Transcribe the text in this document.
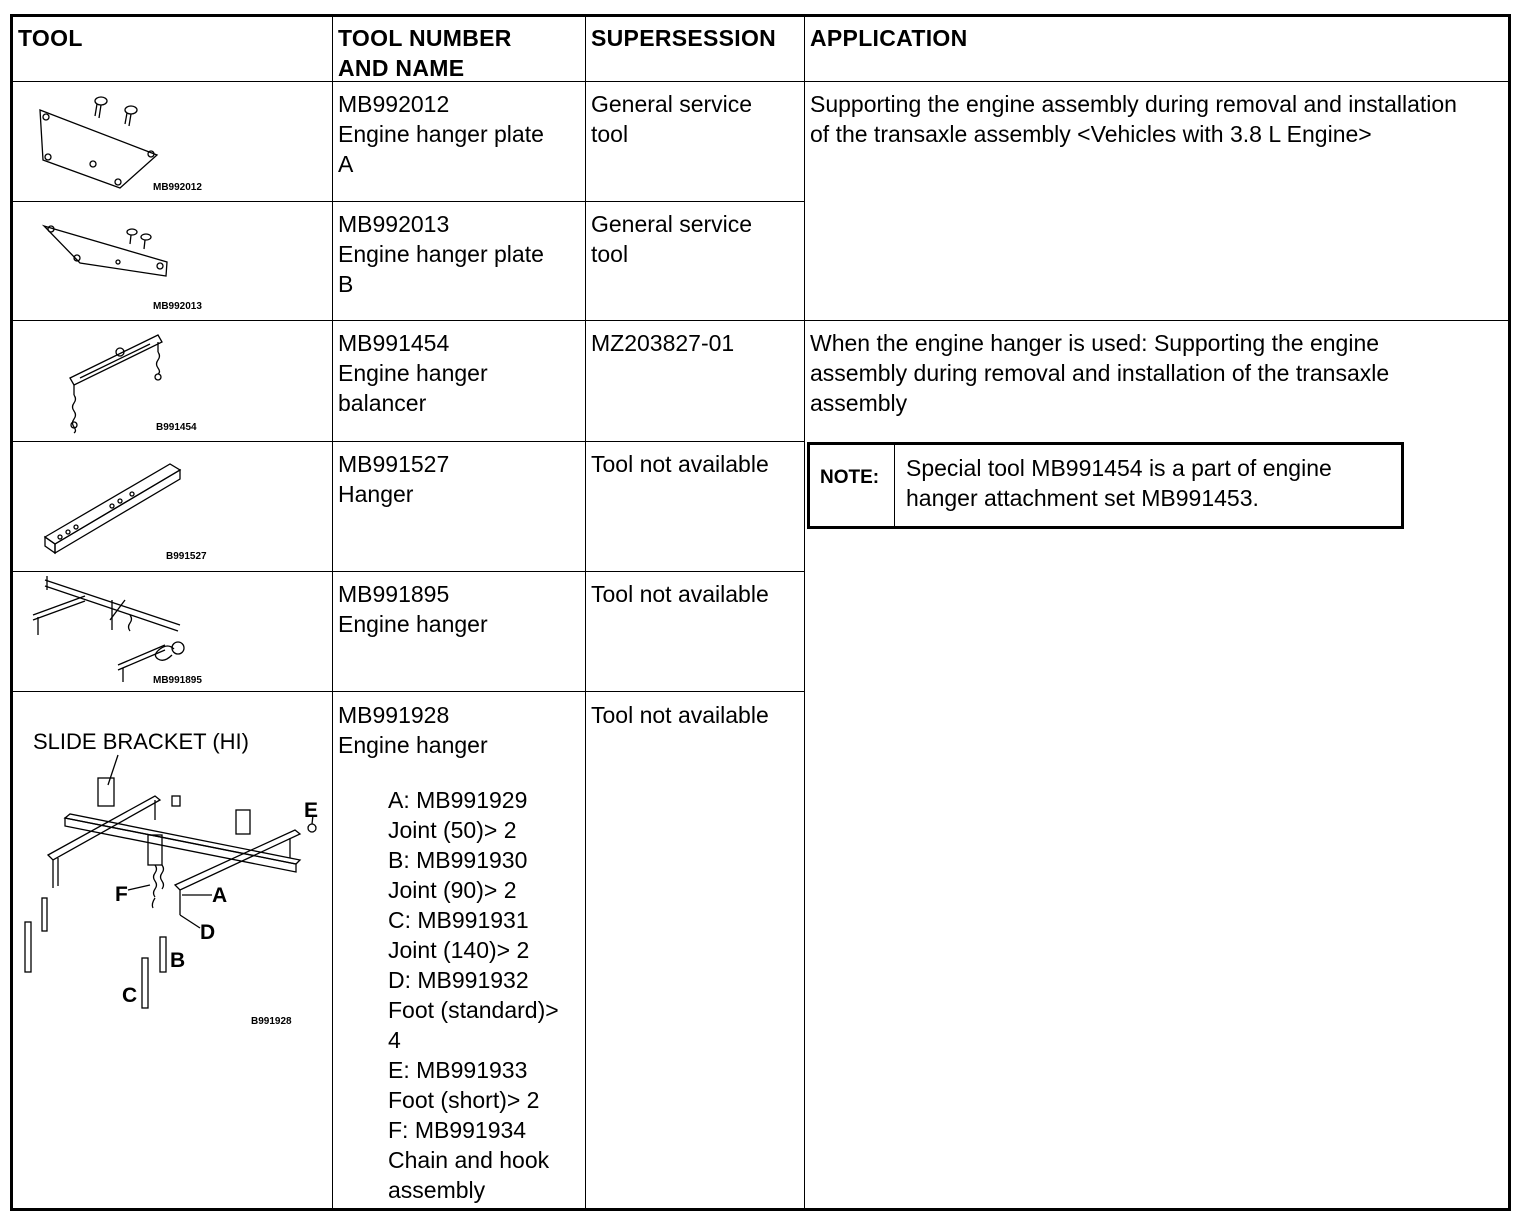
TOOL	TOOL NUMBER
AND NAME
SUPERSESSION APPLICATION
MB992012
Engine hanger plate
A
General service
tool
MB992013
Engine hanger plate
B
General service
tool
MB991454
Engine hanger
balancer
MZ203827-01
MB991527
Hanger
Tool not available
MB991895
Engine hanger
Tool not available
MB991928
Engine hanger
Tool not available
A: MB991929
Joint (50)> 2
B: MB991930
Joint (90)> 2
C: MB991931
Joint (140)> 2
D: MB991932
Foot (standard)>
4
E: MB991933
Foot (short)> 2
F: MB991934
Chain and hook
assembly
Supporting the engine assembly during removal and installation of the transaxle assembly <Vehicles with 3.8 L Engine>
When the engine hanger is used: Supporting the engine assembly during removal and installation of the transaxle assembly
NOTE: Special tool MB991454 is a part of engine hanger attachment set MB991453.
MB992012
MB992013
B991454
B991527
MB991895
B991928
SLIDE BRACKET (HI)
A
B
C
D
E
F
